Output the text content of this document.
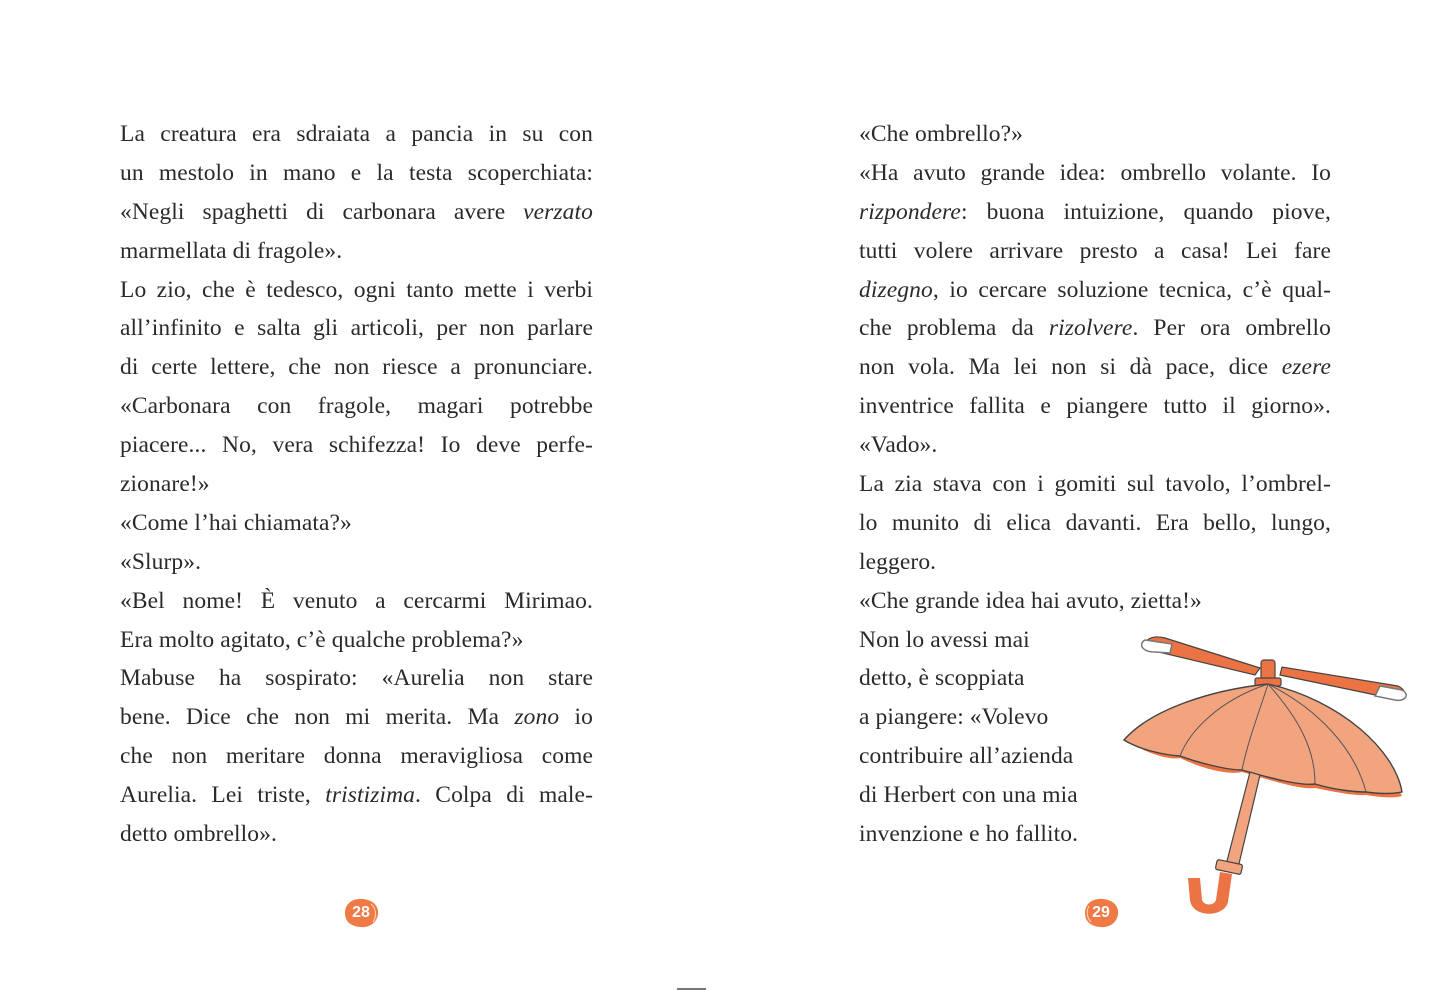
La creatura era sdraiata a pancia in su con
un mestolo in mano e la testa scoperchiata:
«Negli spaghetti di carbonara avere verzato
marmellata di fragole».
Lo zio, che è tedesco, ogni tanto mette i verbi
all’infinito e salta gli articoli, per non parlare
di certe lettere, che non riesce a pronunciare.
«Carbonara con fragole, magari potrebbe
piacere... No, vera schifezza! Io deve perfe-
zionare!»
«Come l’hai chiamata?»
«Slurp».
«Bel nome! È venuto a cercarmi Mirimao.
Era molto agitato, c’è qualche problema?»
Mabuse ha sospirato: «Aurelia non stare
bene. Dice che non mi merita. Ma zono io
che non meritare donna meravigliosa come
Aurelia. Lei triste, tristizima. Colpa di male-
detto ombrello».
«Che ombrello?»
«Ha avuto grande idea: ombrello volante. Io
rizpondere: buona intuizione, quando piove,
tutti volere arrivare presto a casa! Lei fare
dizegno, io cercare soluzione tecnica, c’è qual-
che problema da rizolvere. Per ora ombrello
non vola. Ma lei non si dà pace, dice ezere
inventrice fallita e piangere tutto il giorno».
«Vado».
La zia stava con i gomiti sul tavolo, l’ombrel-
lo munito di elica davanti. Era bello, lungo,
leggero.
«Che grande idea hai avuto, zietta!»
Non lo avessi mai
detto, è scoppiata
a piangere: «Volevo
contribuire all’azienda
di Herbert con una mia
invenzione e ho fallito.
28	29
